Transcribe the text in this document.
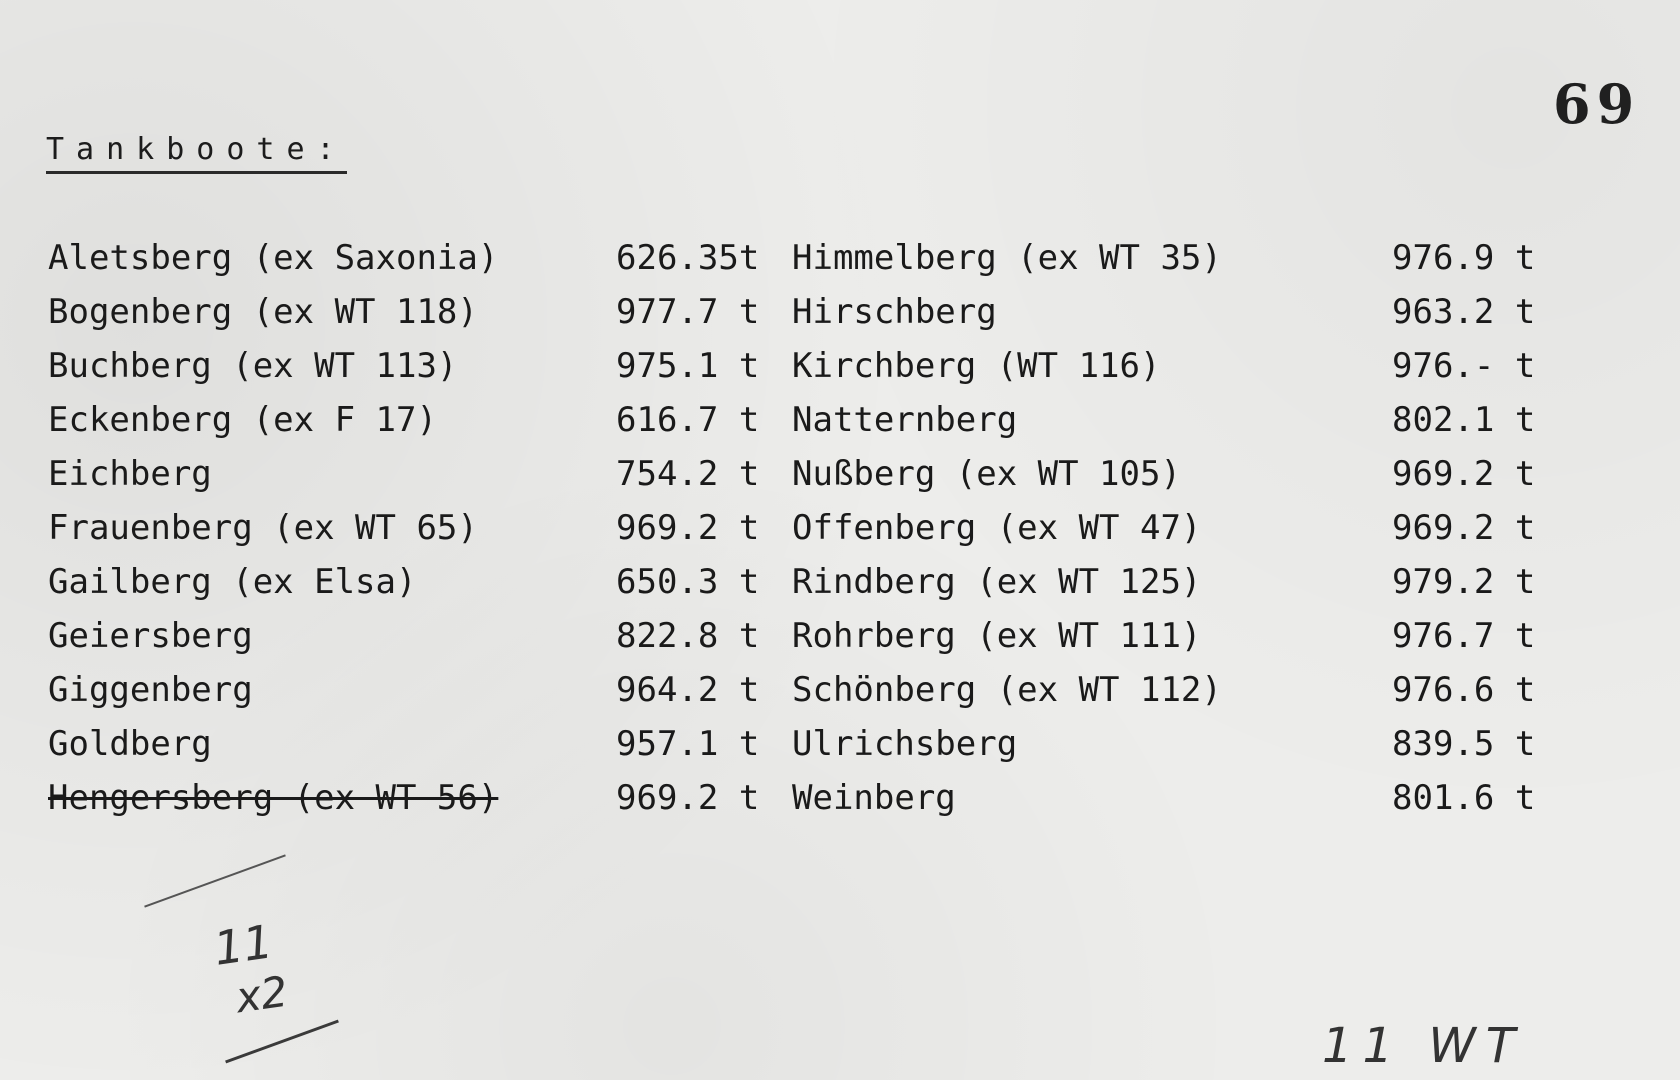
69
Tankboote:
Aletsberg (ex Saxonia)	626.35t Himmelberg (ex WT 35)	976.9 t
Bogenberg (ex WT 118)	977.7 t Hirschberg	963.2 t
Buchberg (ex WT 113)	975.1 t Kirchberg (WT 116)	976.- t
Eckenberg (ex F 17)	616.7 t Natternberg	802.1 t
Eichberg	754.2 t Nußberg (ex WT 105)	969.2 t
Frauenberg (ex WT 65)	969.2 t Offenberg (ex WT 47)	969.2 t
Gailberg (ex Elsa)	650.3 t Rindberg (ex WT 125)	979.2 t
Geiersberg	822.8 t Rohrberg (ex WT 111)	976.7 t
Giggenberg	964.2 t Schönberg (ex WT 112)	976.6 t
Goldberg	957.1 t Ulrichsberg	839.5 t
Hengersberg (ex WT 56)	969.2 t Weinberg	801.6 t
11
x2
11 WT
